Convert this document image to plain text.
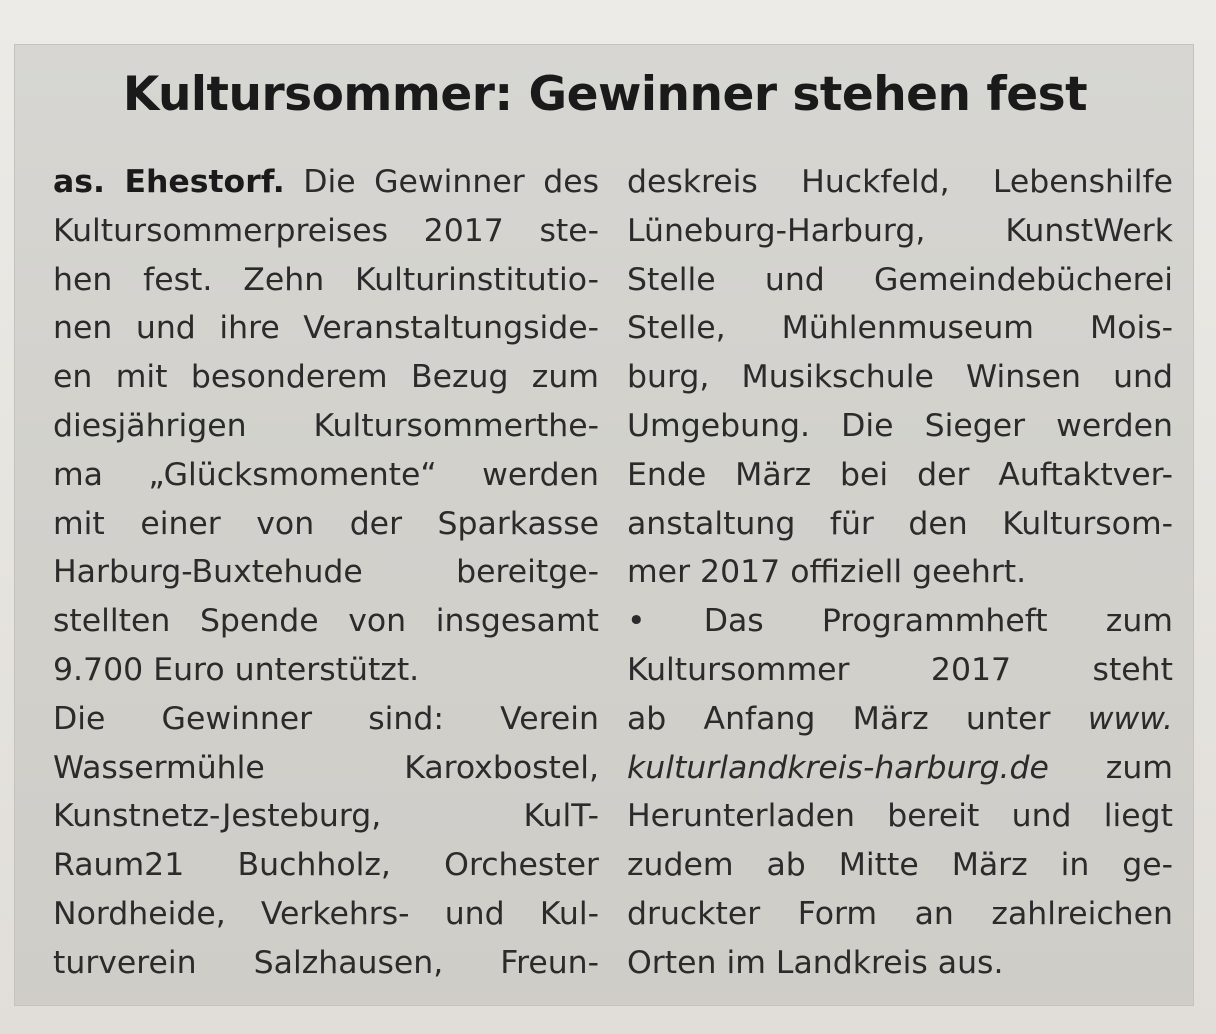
Kultursommer: Gewinner stehen fest
as. Ehestorf. Die Gewinner des
Kultursommerpreises 2017 ste-
hen fest. Zehn Kulturinstitutio-
nen und ihre Veranstaltungside-
en mit besonderem Bezug zum
diesjährigen Kultursommerthe-
ma „Glücksmomente“ werden
mit einer von der Sparkasse
Harburg-Buxtehude bereitge-
stellten Spende von insgesamt
9.700 Euro unterstützt.
Die Gewinner sind: Verein
Wassermühle Karoxbostel,
Kunstnetz-Jesteburg, KulT-
Raum21 Buchholz, Orchester
Nordheide, Verkehrs- und Kul-
turverein Salzhausen, Freun-
deskreis Huckfeld, Lebenshilfe
Lüneburg-Harburg, KunstWerk
Stelle und Gemeindebücherei
Stelle, Mühlenmuseum Mois-
burg, Musikschule Winsen und
Umgebung. Die Sieger werden
Ende März bei der Auftaktver-
anstaltung für den Kultursom-
mer 2017 offiziell geehrt.
• Das Programmheft zum
Kultursommer 2017 steht
ab Anfang März unter www.
kulturlandkreis-harburg.de zum
Herunterladen bereit und liegt
zudem ab Mitte März in ge-
druckter Form an zahlreichen
Orten im Landkreis aus.
